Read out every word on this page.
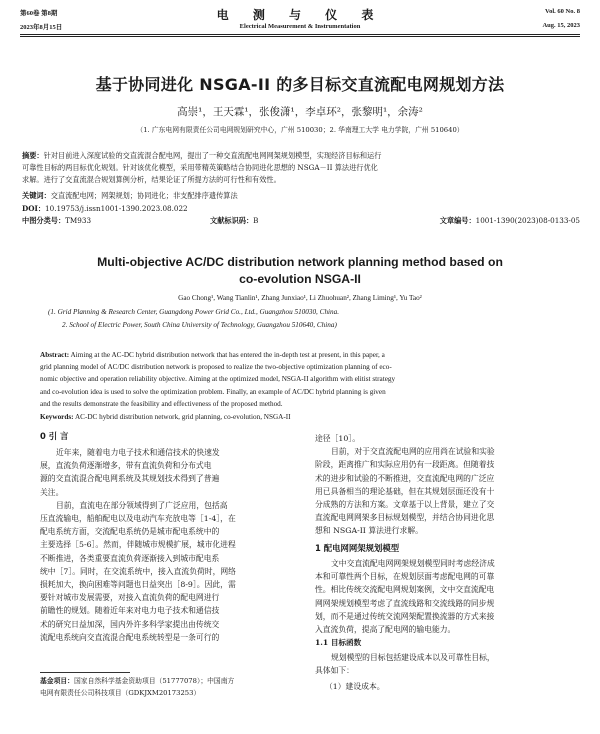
第60卷 第8期
2023年8月15日
电 测 与 仪 表
Electrical Measurement & Instrumentation
Vol. 60 No. 8
Aug. 15, 2023
基于协同进化 NSGA-II 的多目标交直流配电网规划方法
高崇¹，王天霖¹，张俊潇¹，李卓环²，张黎明¹，余涛²
（1. 广东电网有限责任公司电网规划研究中心，广州 510030；2. 华南理工大学 电力学院，广州 510640）
摘要：针对目前进入深度试验的交直流混合配电网，提出了一种交直流配电网网架规划模型，实现经济目标和运行
可靠性目标的两目标优化规划。针对该优化模型，采用带精英策略结合协同进化思想的 NSGA－II 算法进行优化
求解。进行了交直流混合规划算例分析，结果论证了所提方法的可行性和有效性。
关键词：交直流配电网；网架规划；协同进化；非支配排序遗传算法
DOI：10.19753/j.issn1001-1390.2023.08.022
中图分类号：TM933	文献标识码：B	文章编号：1001-1390(2023)08-0133-05
Multi-objective AC/DC distribution network planning method based on
co-evolution NSGA-II
Gao Chong¹, Wang Tianlin¹, Zhang Junxiao¹, Li Zhuohuan², Zhang Liming¹, Yu Tao²
(1. Grid Planning & Research Center, Guangdong Power Grid Co., Ltd., Guangzhou 510030, China.
2. School of Electric Power, South China University of Technology, Guangzhou 510640, China)
Abstract: Aiming at the AC-DC hybrid distribution network that has entered the in-depth test at present, in this paper, a
grid planning model of AC/DC distribution network is proposed to realize the two-objective optimization planning of eco-
nomic objective and operation reliability objective. Aiming at the optimized model, NSGA-II algorithm with elitist strategy
and co-evolution idea is used to solve the optimization problem. Finally, an example of AC/DC hybrid planning is given
and the results demonstrate the feasibility and effectiveness of the proposed method.
Keywords: AC-DC hybrid distribution network, grid planning, co-evolution, NSGA-II
0 引 言

近年来，随着电力电子技术和通信技术的快速发

展，直流负荷逐渐增多，带有直流负荷和分布式电

源的交直流混合配电网系统及其规划技术得到了普遍

关注。

目前，直流电在部分领域得到了广泛应用，包括高

压直流输电，船舶配电以及电动汽车充放电等［1-4］，在

配电系统方面，交流配电系统仍是城市配电系统中的

主要选择［5-6］。然而，伴随城市规模扩展，城市化进程

不断推进，各类重要直流负荷逐渐接入到城市配电系

统中［7］。同时，在交流系统中，接入直流负荷时，网络

损耗加大，换向困难等问题也日益突出［8-9］。因此，需

要针对城市发展需要，对接入直流负荷的配电网进行

前瞻性的规划。随着近年来对电力电子技术和通信技

术的研究日益加深，国内外许多科学家提出由传统交

流配电系统向交直流混合配电系统转型是一条可行的

基金项目：国家自然科学基金资助项目（51777078）；中国南方
电网有限责任公司科技项目（GDKJXM20173253）

途径［10］。

目前，对于交直流配电网的应用尚在试验和实验

阶段，距离推广和实际应用仍有一段距离。但随着技

术的进步和试验的不断推进，交直流配电网的广泛应

用已具备相当的理论基础，但在其规划层面还没有十

分成熟的方法和方案。文章基于以上背景，建立了交

直流配电网网架多目标规划模型，并结合协同进化思

想和 NSGA-II 算法进行求解。

1 配电网网架规划模型

文中交直流配电网网架规划模型同时考虑经济成

本和可靠性两个目标，在规划层面考虑配电网的可靠

性。相比传统交流配电网规划案例，文中交直流配电

网网架规划模型考虑了直流线路和交流线路的同步规

划，而不是通过传统交流网架配置换流器的方式来接

入直流负荷，提高了配电网的输电能力。

1.1 目标函数

规划模型的目标包括建设成本以及可靠性目标，

具体如下：

（1）建设成本。
